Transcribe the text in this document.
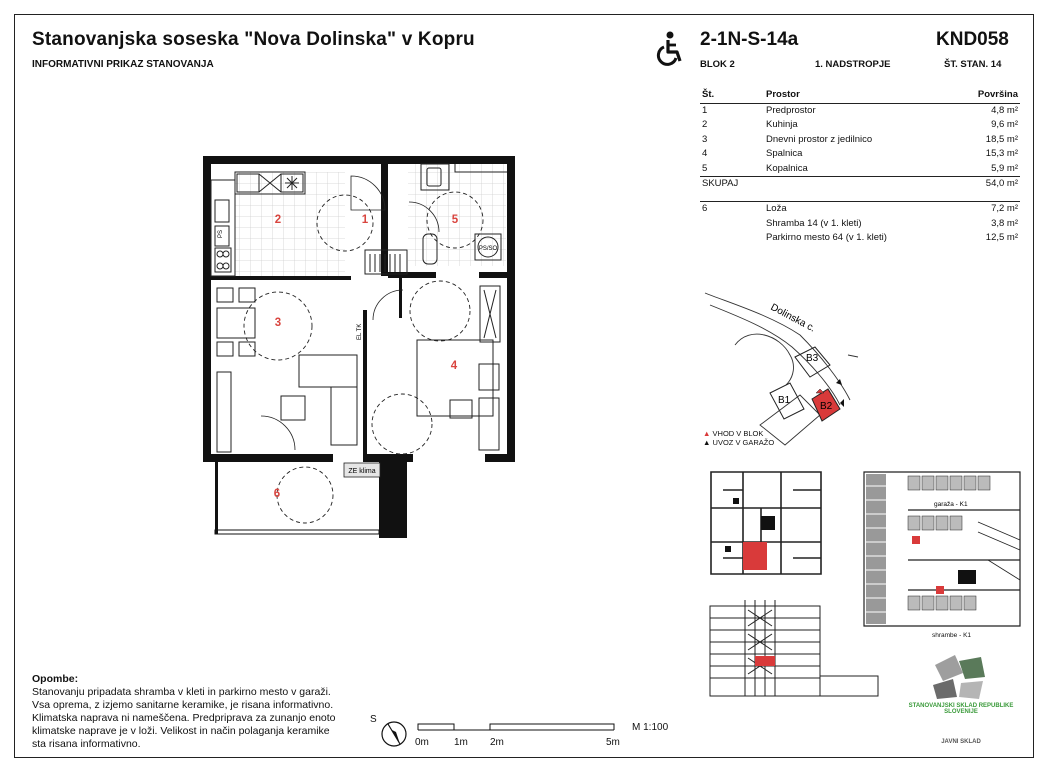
Stanovanjska soseska "Nova Dolinska" v Kopru
INFORMATIVNI PRIKAZ STANOVANJA
2-1N-S-14a	KND058
BLOK 2	1. NADSTROPJE	ŠT. STAN. 14
Št.	Prostor	Površina
1	Predprostor	4,8 m²
2	Kuhinja	9,6 m²
3	Dnevni prostor z jedilnico	18,5 m²
4	Spalnica	15,3 m²
5	Kopalnica	5,9 m²
SKUPAJ		54,0 m²

6	Loža	7,2 m²
	Shramba 14 (v 1. kleti)	3,8 m²
	Parkirno mesto 64 (v 1. kleti)	12,5 m²
PS
PS/SO
EL TK
ZE klima
1
2
3
4
5
6
B3
B1
B2
Dolinska c.
▲ VHOD V BLOK
▲ UVOZ V GARAŽO
garaža - K1
shrambe - K1
STANOVANJSKI SKLAD REPUBLIKE SLOVENIJE
JAVNI SKLAD
Opombe:
Stanovanju pripadata shramba v kleti in parkirno mesto v garaži.
Vsa oprema, z izjemo sanitarne keramike, je risana informativno.
Klimatska naprava ni nameščena. Predpriprava za zunanjo enoto
klimatske naprave je v loži. Velikost in način polaganja keramike
sta risana informativno.
S
0m	1m 2m	5m
M 1:100
